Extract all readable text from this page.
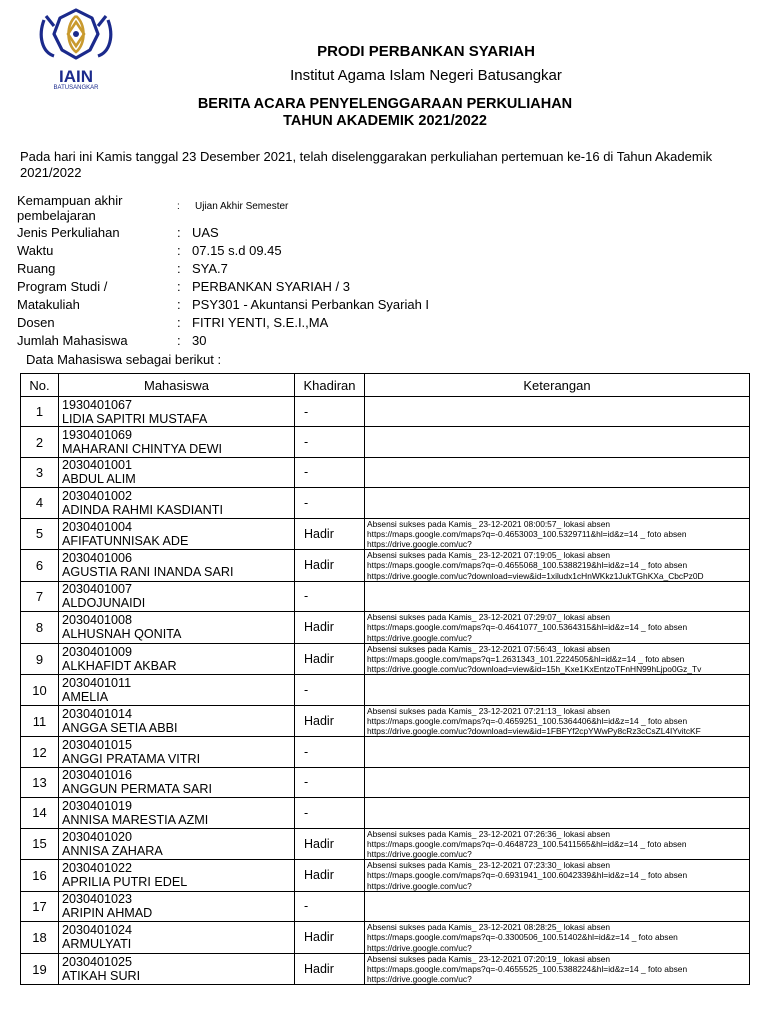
IAIN
BATUSANGKAR
PRODI PERBANKAN SYARIAH
Institut Agama Islam Negeri Batusangkar
BERITA ACARA PENYELENGGARAAN PERKULIAHAN
TAHUN AKADEMIK 2021/2022
Pada hari ini Kamis tanggal 23 Desember 2021, telah diselenggarakan perkuliahan pertemuan ke-16 di Tahun Akademik 2021/2022
Kemampuan akhir pembelajaran
: Ujian Akhir Semester
Jenis Perkuliahan	: UAS
Waktu	: 07.15 s.d 09.45
Ruang	: SYA.7
Program Studi /	: PERBANKAN SYARIAH / 3
Matakuliah	: PSY301 - Akuntansi Perbankan Syariah I
Dosen	: FITRI YENTI, S.E.I.,MA
Jumlah Mahasiswa	: 30
Data Mahasiswa sebagai berikut :
No.	Mahasiswa	Khadiran	Keterangan
1	1930401067
LIDIA SAPITRI MUSTAFA	-	
2	1930401069
MAHARANI CHINTYA DEWI	-	
3	2030401001
ABDUL ALIM	-	
4	2030401002
ADINDA RAHMI KASDIANTI	-	
5	2030401004
AFIFATUNNISAK ADE	Hadir	Absensi sukses pada Kamis_ 23-12-2021 08:00:57_ lokasi absen
https://maps.google.com/maps?q=-0.4653003_100.5329711&hl=id&z=14 _ foto absen
https://drive.google.com/uc?

6	2030401006
AGUSTIA RANI INANDA SARI	Hadir	Absensi sukses pada Kamis_ 23-12-2021 07:19:05_ lokasi absen
https://maps.google.com/maps?q=-0.4655068_100.5388219&hl=id&z=14 _ foto absen
https://drive.google.com/uc?download=view&id=1xiludx1cHnWKkz1JukTGhKXa_CbcPz0D

7	2030401007
ALDOJUNAIDI	-	
8	2030401008
ALHUSNAH QONITA	Hadir	Absensi sukses pada Kamis_ 23-12-2021 07:29:07_ lokasi absen
https://maps.google.com/maps?q=-0.4641077_100.5364315&hl=id&z=14 _ foto absen
https://drive.google.com/uc?

9	2030401009
ALKHAFIDT AKBAR	Hadir	Absensi sukses pada Kamis_ 23-12-2021 07:56:43_ lokasi absen
https://maps.google.com/maps?q=1.2631343_101.2224505&hl=id&z=14 _ foto absen
https://drive.google.com/uc?download=view&id=15h_Kxe1KxEntzoTFnHN99hLjpo0Gz_Tv

10	2030401011
AMELIA	-	
11	2030401014
ANGGA SETIA ABBI	Hadir	Absensi sukses pada Kamis_ 23-12-2021 07:21:13_ lokasi absen
https://maps.google.com/maps?q=-0.4659251_100.5364406&hl=id&z=14 _ foto absen
https://drive.google.com/uc?download=view&id=1FBFYf2cpYWwPy8cRz3cCsZL4IYvitcKF

12	2030401015
ANGGI PRATAMA VITRI	-	
13	2030401016
ANGGUN PERMATA SARI	-	
14	2030401019
ANNISA MARESTIA AZMI	-	
15	2030401020
ANNISA ZAHARA	Hadir	Absensi sukses pada Kamis_ 23-12-2021 07:26:36_ lokasi absen
https://maps.google.com/maps?q=-0.4648723_100.5411565&hl=id&z=14 _ foto absen
https://drive.google.com/uc?

16	2030401022
APRILIA PUTRI EDEL	Hadir	Absensi sukses pada Kamis_ 23-12-2021 07:23:30_ lokasi absen
https://maps.google.com/maps?q=-0.6931941_100.6042339&hl=id&z=14 _ foto absen
https://drive.google.com/uc?

17	2030401023
ARIPIN AHMAD	-	
18	2030401024
ARMULYATI	Hadir	Absensi sukses pada Kamis_ 23-12-2021 08:28:25_ lokasi absen
https://maps.google.com/maps?q=-0.3300506_100.51402&hl=id&z=14 _ foto absen
https://drive.google.com/uc?

19	2030401025
ATIKAH SURI	Hadir	Absensi sukses pada Kamis_ 23-12-2021 07:20:19_ lokasi absen
https://maps.google.com/maps?q=-0.4655525_100.5388224&hl=id&z=14 _ foto absen
https://drive.google.com/uc?
